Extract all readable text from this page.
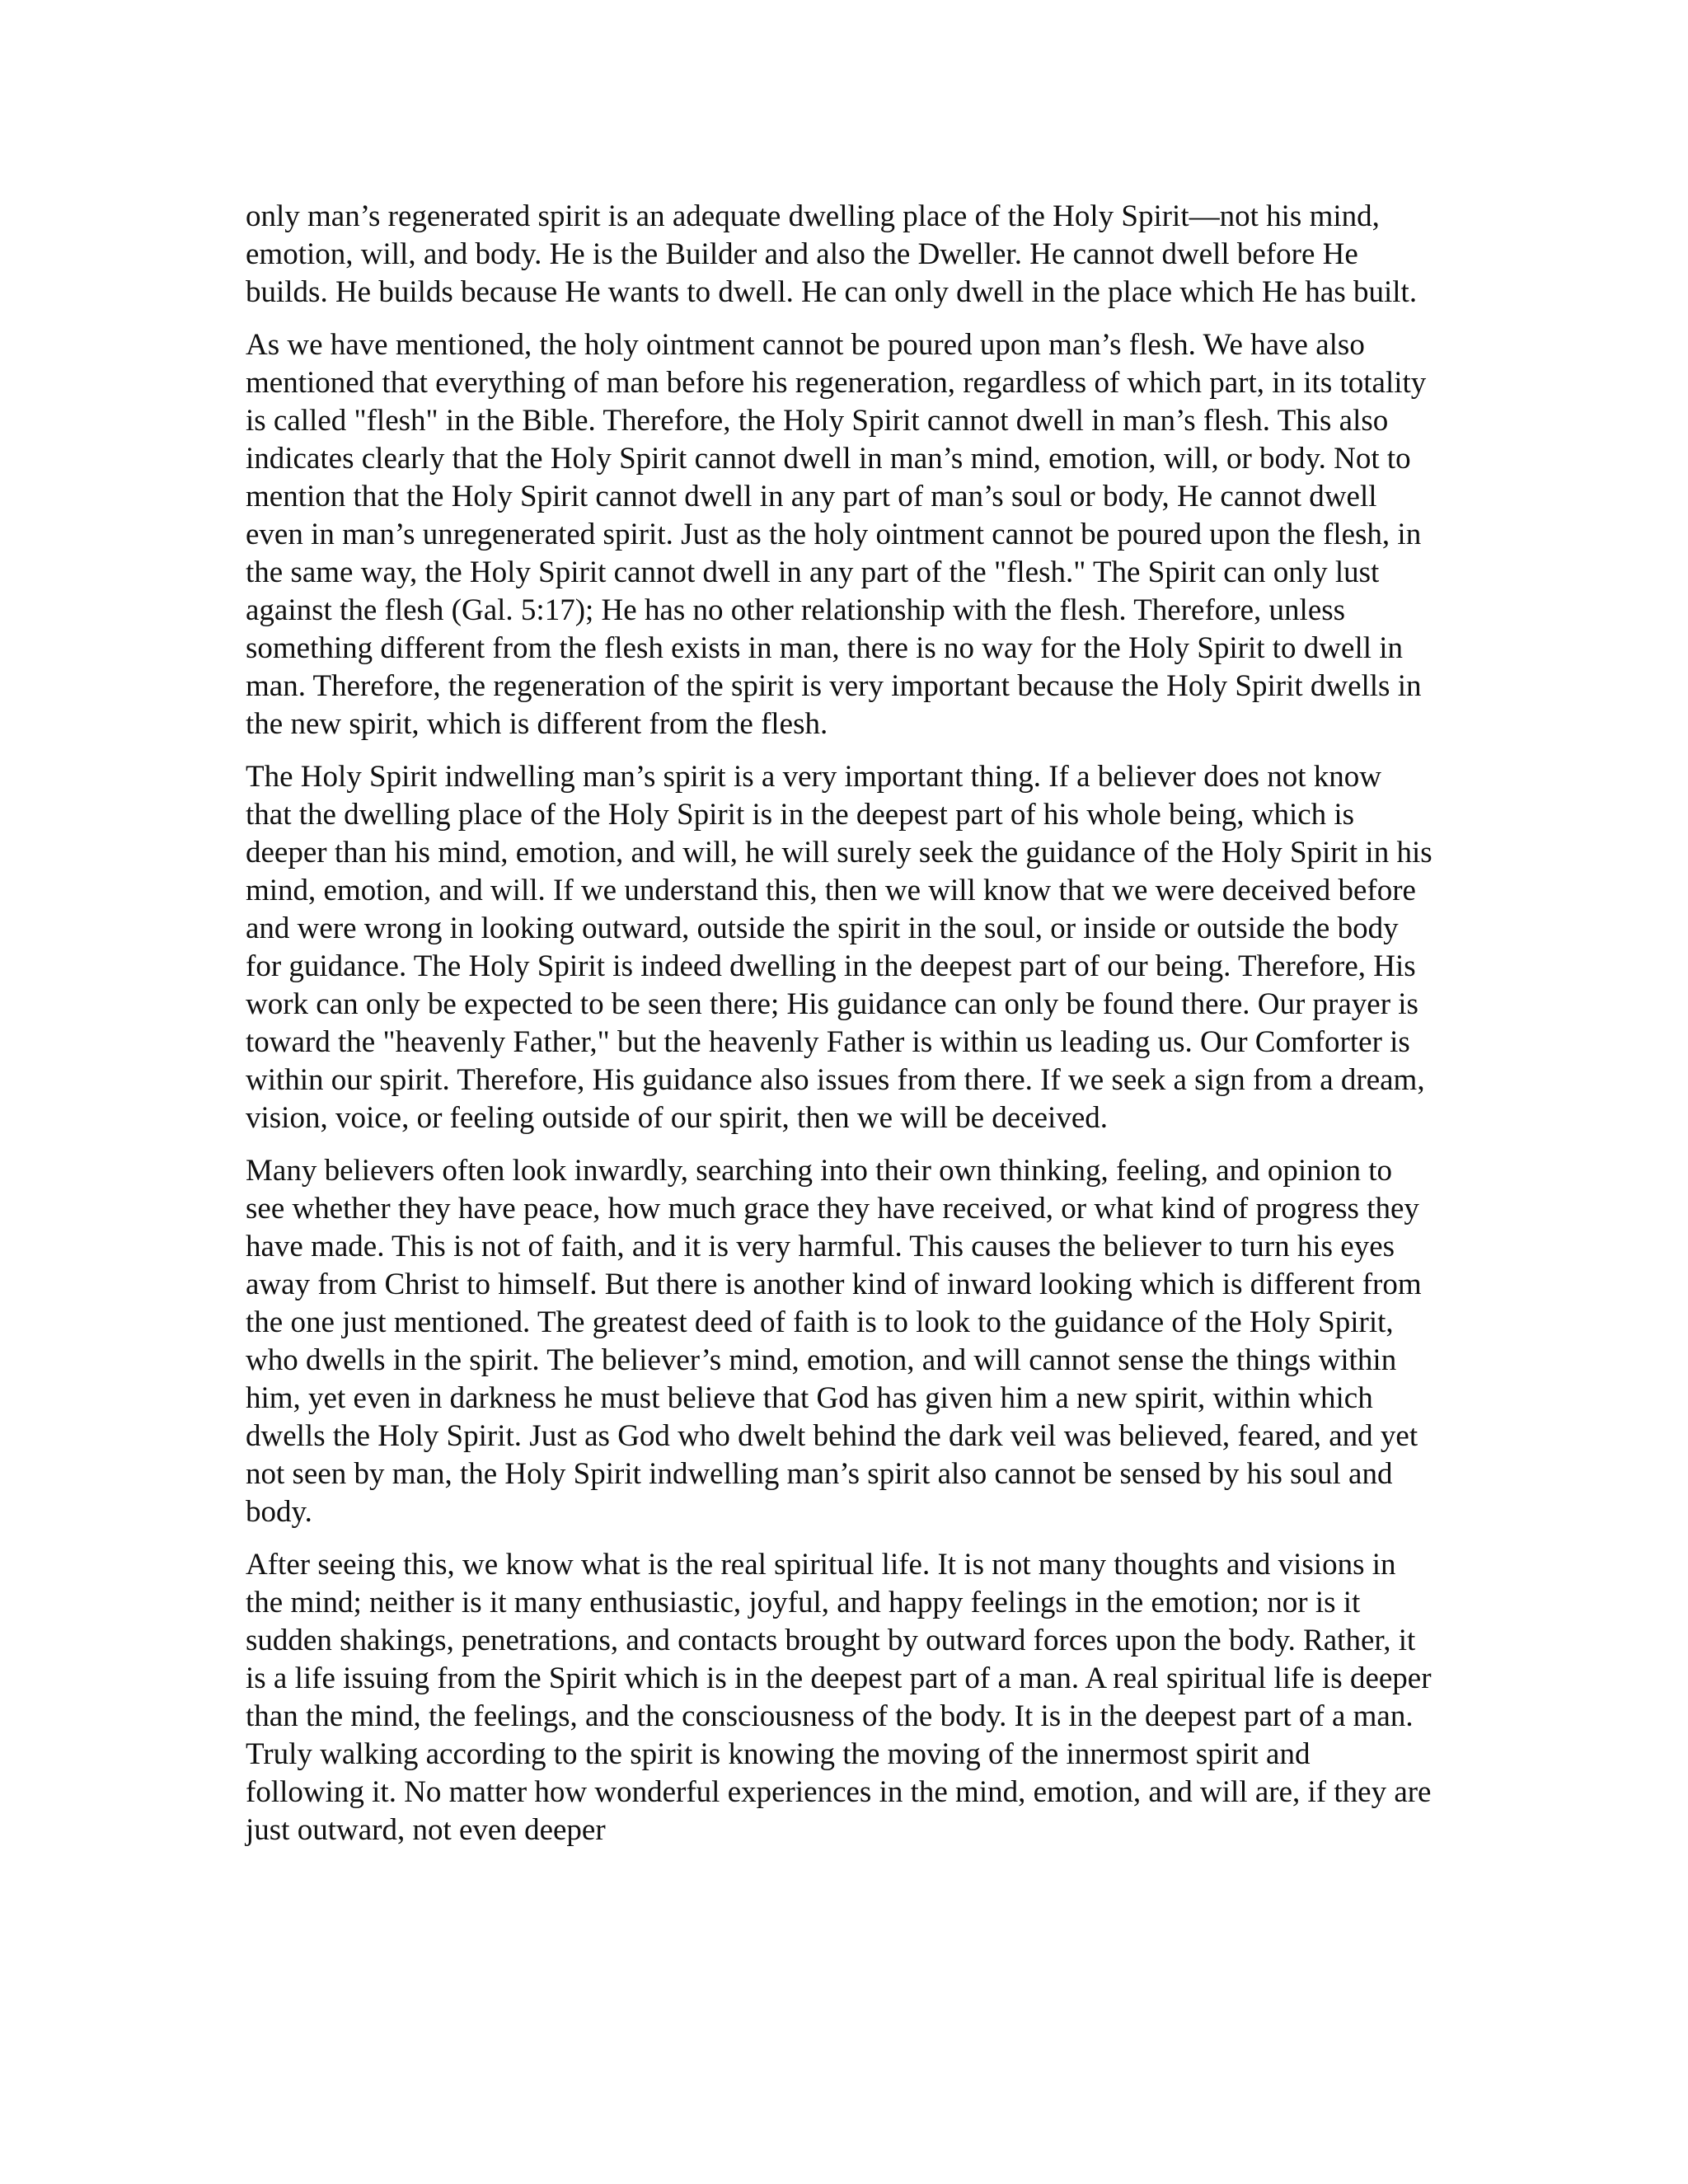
only man’s regenerated spirit is an adequate dwelling place of the Holy Spirit—not his mind, emotion, will, and body. He is the Builder and also the Dweller. He cannot dwell before He builds. He builds because He wants to dwell. He can only dwell in the place which He has built.

As we have mentioned, the holy ointment cannot be poured upon man’s flesh. We have also mentioned that everything of man before his regeneration, regardless of which part, in its totality is called "flesh" in the Bible. Therefore, the Holy Spirit cannot dwell in man’s flesh. This also indicates clearly that the Holy Spirit cannot dwell in man’s mind, emotion, will, or body. Not to mention that the Holy Spirit cannot dwell in any part of man’s soul or body, He cannot dwell even in man’s unregenerated spirit. Just as the holy ointment cannot be poured upon the flesh, in the same way, the Holy Spirit cannot dwell in any part of the "flesh." The Spirit can only lust against the flesh (Gal. 5:17); He has no other relationship with the flesh. Therefore, unless something different from the flesh exists in man, there is no way for the Holy Spirit to dwell in man. Therefore, the regeneration of the spirit is very important because the Holy Spirit dwells in the new spirit, which is different from the flesh.

The Holy Spirit indwelling man’s spirit is a very important thing. If a believer does not know that the dwelling place of the Holy Spirit is in the deepest part of his whole being, which is deeper than his mind, emotion, and will, he will surely seek the guidance of the Holy Spirit in his mind, emotion, and will. If we understand this, then we will know that we were deceived before and were wrong in looking outward, outside the spirit in the soul, or inside or outside the body for guidance. The Holy Spirit is indeed dwelling in the deepest part of our being. Therefore, His work can only be expected to be seen there; His guidance can only be found there. Our prayer is toward the "heavenly Father," but the heavenly Father is within us leading us. Our Comforter is within our spirit. Therefore, His guidance also issues from there. If we seek a sign from a dream, vision, voice, or feeling outside of our spirit, then we will be deceived.

Many believers often look inwardly, searching into their own thinking, feeling, and opinion to see whether they have peace, how much grace they have received, or what kind of progress they have made. This is not of faith, and it is very harmful. This causes the believer to turn his eyes away from Christ to himself. But there is another kind of inward looking which is different from the one just mentioned. The greatest deed of faith is to look to the guidance of the Holy Spirit, who dwells in the spirit. The believer’s mind, emotion, and will cannot sense the things within him, yet even in darkness he must believe that God has given him a new spirit, within which dwells the Holy Spirit. Just as God who dwelt behind the dark veil was believed, feared, and yet not seen by man, the Holy Spirit indwelling man’s spirit also cannot be sensed by his soul and body.

After seeing this, we know what is the real spiritual life. It is not many thoughts and visions in the mind; neither is it many enthusiastic, joyful, and happy feelings in the emotion; nor is it sudden shakings, penetrations, and contacts brought by outward forces upon the body. Rather, it is a life issuing from the Spirit which is in the deepest part of a man. A real spiritual life is deeper than the mind, the feelings, and the consciousness of the body. It is in the deepest part of a man. Truly walking according to the spirit is knowing the moving of the innermost spirit and following it. No matter how wonderful experiences in the mind, emotion, and will are, if they are just outward, not even deeper
